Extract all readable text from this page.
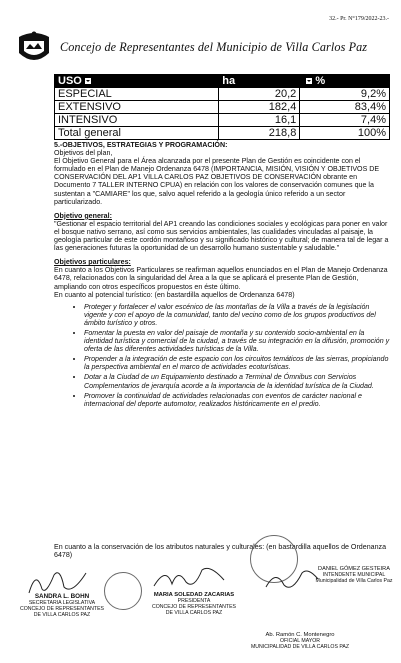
32.- Pr. N°179/2022-23.-
Concejo de Representantes del Municipio de Villa Carlos Paz
USO	ha	%
ESPECIAL	20,2	9,2%
EXTENSIVO	182,4	83,4%
INTENSIVO	16,1	7,4%
Total general	218,8	100%

5.-OBJETIVOS, ESTRATEGIAS Y PROGRAMACIÓN:

Objetivos del plan,

El Objetivo General para el Área alcanzada por el presente Plan de Gestión es coincidente con el formulado en el Plan de Manejo Ordenanza 6478 (IMPORTANCIA, MISIÓN, VISIÓN Y OBJETIVOS DE CONSERVACIÓN DEL AP1 VILLA CARLOS PAZ OBJETIVOS DE CONSERVACIÓN obrante en Documento 7 TALLER INTERNO CPUA) en relación con los valores de conservación comunes que la sustentan a "CAMIARE" los que, salvo aquel referido a la geología único referido a un sector particularizado.

Objetivo general:

"Gestionar el espacio territorial del AP1 creando las condiciones sociales y ecológicas para poner en valor el bosque nativo serrano, así como sus servicios ambientales, las cualidades vinculadas al paisaje, la geología particular de este cordón montañoso y su significado histórico y cultural; de manera tal de legar a las generaciones futuras la oportunidad de un desarrollo humano sustentable y saludable."

Objetivos particulares:

En cuanto a los Objetivos Particulares se reafirman aquellos enunciados en el Plan de Manejo Ordenanza 6478, relacionados con la singularidad del Área a la que se aplicará el presente Plan de Gestión, ampliando con otros específicos propuestos en éste último.

En cuanto al potencial turístico: (en bastardilla aquellos de Ordenanza 6478)

• Proteger y fortalecer el valor escénico de las montañas de la Villa a través de la legislación vigente y con el apoyo de la comunidad, tanto del vecino como de los grupos productivos del ámbito turístico y otros.
• Fomentar la puesta en valor del paisaje de montaña y su contenido socio-ambiental en la identidad turística y comercial de la ciudad, a través de su integración en la difusión, promoción y oferta de las diferentes actividades turísticas de la Villa.
• Propender a la integración de este espacio con los circuitos temáticos de las sierras, propiciando la perspectiva ambiental en el marco de actividades ecoturísticas.
• Dotar a la Ciudad de un Equipamiento destinado a Terminal de Ómnibus con Servicios Complementarios de jerarquía acorde a la importancia de la identidad turística de la Ciudad.
• Promover la continuidad de actividades relacionadas con eventos de carácter nacional e internacional del deporte automotor, realizados históricamente en el predio.
En cuanto a la conservación de los atributos naturales y culturales: (en bastardilla aquellos de Ordenanza 6478)
SANDRA L. BOHN
SECRETARIA LEGISLATIVA
CONCEJO DE REPRESENTANTES
DE VILLA CARLOS PAZ
MARIA SOLEDAD ZACARIAS
PRESIDENTA
CONCEJO DE REPRESENTANTES
DE VILLA CARLOS PAZ
DANIEL GÓMEZ GESTEIRA
INTENDENTE MUNICIPAL
Municipalidad de Villa Carlos Paz
Ab. Ramón C. Montenegro
OFICIAL MAYOR
MUNICIPALIDAD DE VILLA CARLOS PAZ
